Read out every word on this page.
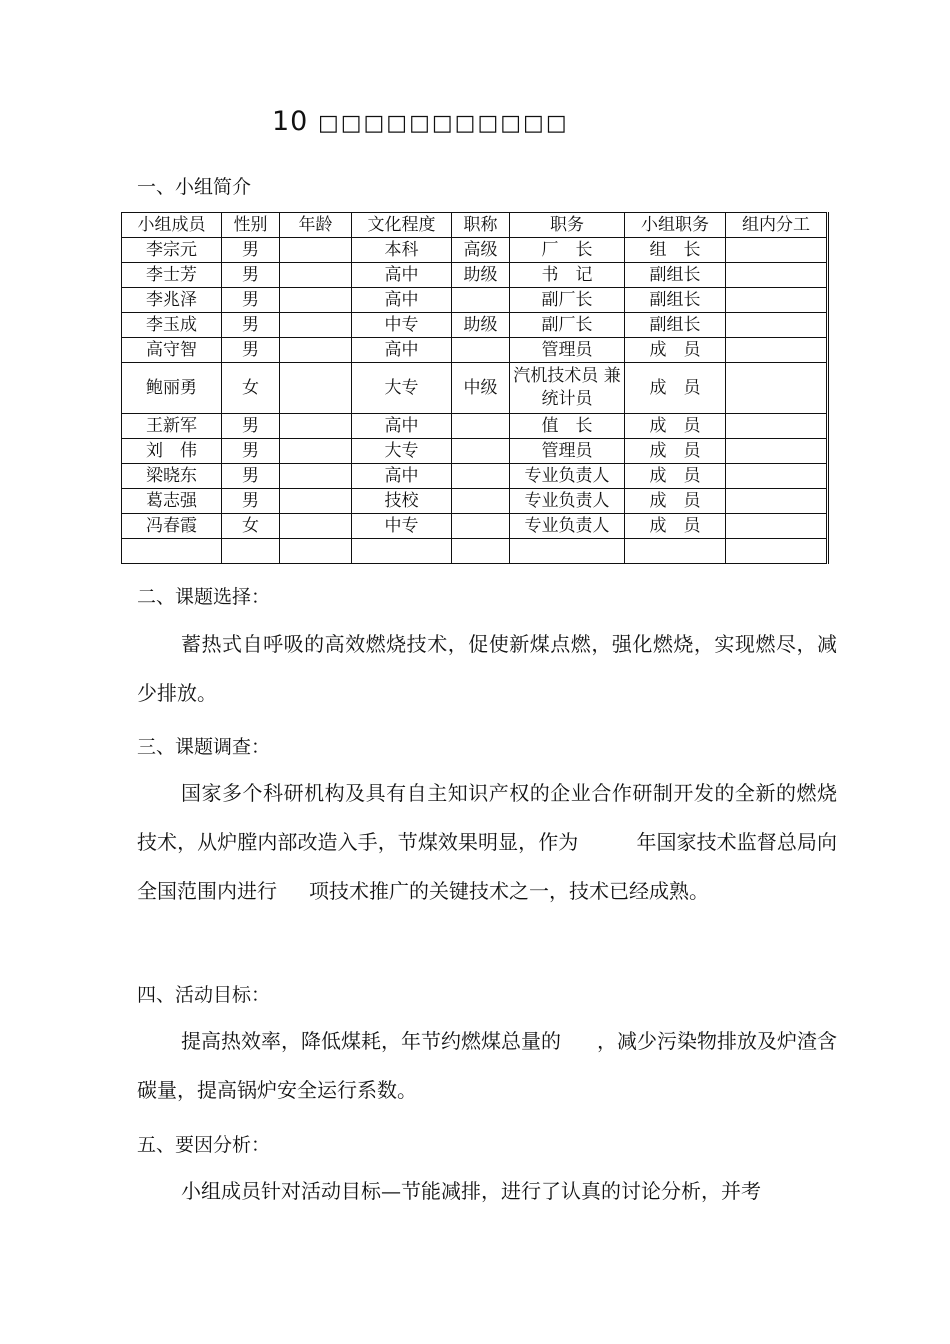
10 □□□□□□□□□□□
一、小组简介
小组成员	性别	年龄	文化程度	职称	职务	小组职务	组内分工
李宗元	男		本科	高级	厂　长	组　长	
李士芳	男		高中	助级	书　记	副组长	
李兆泽	男		高中		副厂长	副组长	
李玉成	男		中专	助级	副厂长	副组长	
高守智	男		高中		管理员	成　员	
鲍丽勇	女		大专	中级	汽机技术员 兼统计员	成　员	
王新军	男		高中		值　长	成　员	
刘　伟	男		大专		管理员	成　员	
梁晓东	男		高中		专业负责人	成　员	
葛志强	男		技校		专业负责人	成　员	
冯春霞	女		中专		专业负责人	成　员	

二、课题选择：

蓄热式自呼吸的高效燃烧技术，促使新煤点燃，强化燃烧，实现燃尽，减少排放。

三、课题调查：

国家多个科研机构及具有自主知识产权的企业合作研制开发的全新的燃烧技术，从炉膛内部改造入手，节煤效果明显，作为	年国家技术监督总局向全国范围内进行 项技术推广的关键技术之一，技术已经成熟。

四、活动目标：

提高热效率，降低煤耗，年节约燃煤总量的 ，减少污染物排放及炉渣含碳量，提高锅炉安全运行系数。

五、要因分析：

小组成员针对活动目标—节能减排，进行了认真的讨论分析，并考
